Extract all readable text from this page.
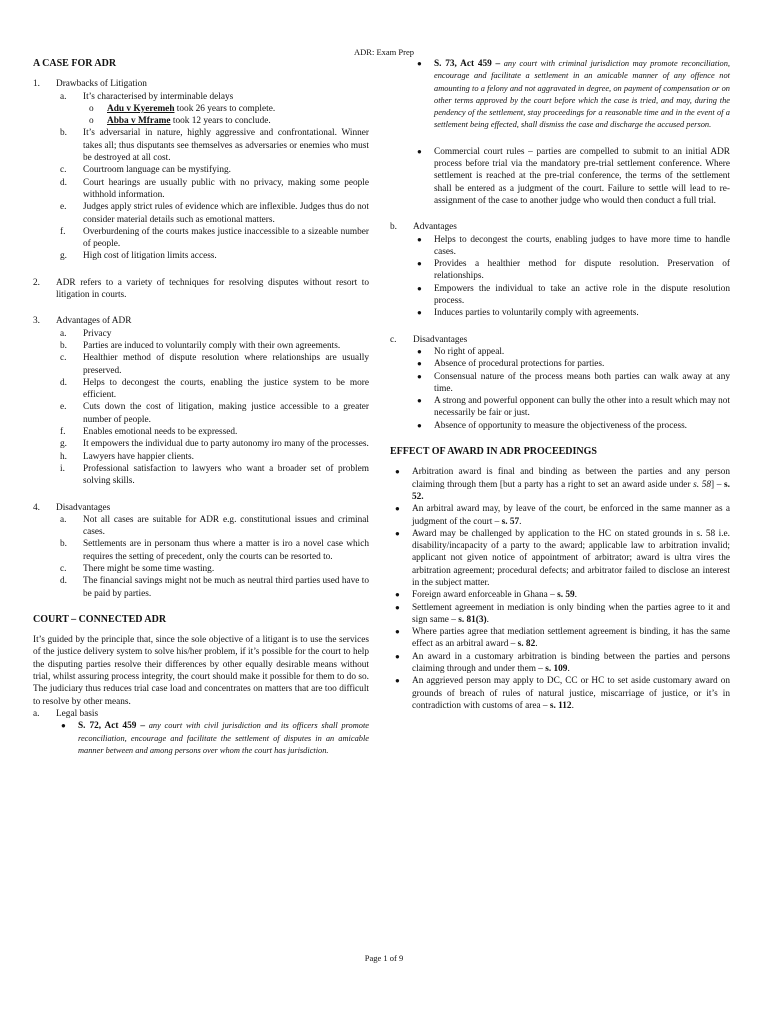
ADR: Exam Prep
A CASE FOR ADR
1. Drawbacks of Litigation
a. It’s characterised by interminable delays
o Adu v Kyeremeh took 26 years to complete.
o Abba v Mframe took 12 years to conclude.
b. It’s adversarial in nature, highly aggressive and confrontational. Winner takes all; thus disputants see themselves as adversaries or enemies who must be destroyed at all cost.
c. Courtroom language can be mystifying.
d. Court hearings are usually public with no privacy, making some people withhold information.
e. Judges apply strict rules of evidence which are inflexible. Judges thus do not consider material details such as emotional matters.
f. Overburdening of the courts makes justice inaccessible to a sizeable number of people.
g. High cost of litigation limits access.
2. ADR refers to a variety of techniques for resolving disputes without resort to litigation in courts.
3. Advantages of ADR
a. Privacy
b. Parties are induced to voluntarily comply with their own agreements.
c. Healthier method of dispute resolution where relationships are usually preserved.
d. Helps to decongest the courts, enabling the justice system to be more efficient.
e. Cuts down the cost of litigation, making justice accessible to a greater number of people.
f. Enables emotional needs to be expressed.
g. It empowers the individual due to party autonomy iro many of the processes.
h. Lawyers have happier clients.
i. Professional satisfaction to lawyers who want a broader set of problem solving skills.
4. Disadvantages
a. Not all cases are suitable for ADR e.g. constitutional issues and criminal cases.
b. Settlements are in personam thus where a matter is iro a novel case which requires the setting of precedent, only the courts can be resorted to.
c. There might be some time wasting.
d. The financial savings might not be much as neutral third parties used have to be paid by parties.
COURT – CONNECTED ADR
It’s guided by the principle that, since the sole objective of a litigant is to use the services of the justice delivery system to solve his/her problem, if it’s possible for the court to help the disputing parties resolve their differences by other equally desirable means without trial, whilst assuring process integrity, the court should make it possible for them to do so. The judiciary thus reduces trial case load and concentrates on matters that are too difficult to resolve by other means.
a. Legal basis
● S. 72, Act 459 – any court with civil jurisdiction and its officers shall promote reconciliation, encourage and facilitate the settlement of disputes in an amicable manner between and among persons over whom the court has jurisdiction.
● S. 73, Act 459 – any court with criminal jurisdiction may promote reconciliation, encourage and facilitate a settlement in an amicable manner of any offence not amounting to a felony and not aggravated in degree, on payment of compensation or on other terms approved by the court before which the case is tried, and may, during the pendency of the settlement, stay proceedings for a reasonable time and in the event of a settlement being effected, shall dismiss the case and discharge the accused person.
● Commercial court rules – parties are compelled to submit to an initial ADR process before trial via the mandatory pre-trial settlement conference. Where settlement is reached at the pre-trial conference, the terms of the settlement shall be entered as a judgment of the court. Failure to settle will lead to re-assignment of the case to another judge who would then conduct a full trial.
b. Advantages
● Helps to decongest the courts, enabling judges to have more time to handle cases.
● Provides a healthier method for dispute resolution. Preservation of relationships.
● Empowers the individual to take an active role in the dispute resolution process.
● Induces parties to voluntarily comply with agreements.
c. Disadvantages
● No right of appeal.
● Absence of procedural protections for parties.
● Consensual nature of the process means both parties can walk away at any time.
● A strong and powerful opponent can bully the other into a result which may not necessarily be fair or just.
● Absence of opportunity to measure the objectiveness of the process.
EFFECT OF AWARD IN ADR PROCEEDINGS
● Arbitration award is final and binding as between the parties and any person claiming through them [but a party has a right to set an award aside under s. 58] – s. 52.
● An arbitral award may, by leave of the court, be enforced in the same manner as a judgment of the court – s. 57.
● Award may be challenged by application to the HC on stated grounds in s. 58 i.e. disability/incapacity of a party to the award; applicable law to arbitration invalid; applicant not given notice of appointment of arbitrator; award is ultra vires the arbitration agreement; procedural defects; and arbitrator failed to disclose an interest in the subject matter.
● Foreign award enforceable in Ghana – s. 59.
● Settlement agreement in mediation is only binding when the parties agree to it and sign same – s. 81(3).
● Where parties agree that mediation settlement agreement is binding, it has the same effect as an arbitral award – s. 82.
● An award in a customary arbitration is binding between the parties and persons claiming through and under them – s. 109.
● An aggrieved person may apply to DC, CC or HC to set aside customary award on grounds of breach of rules of natural justice, miscarriage of justice, or it’s in contradiction with customs of area – s. 112.
Page 1 of 9
